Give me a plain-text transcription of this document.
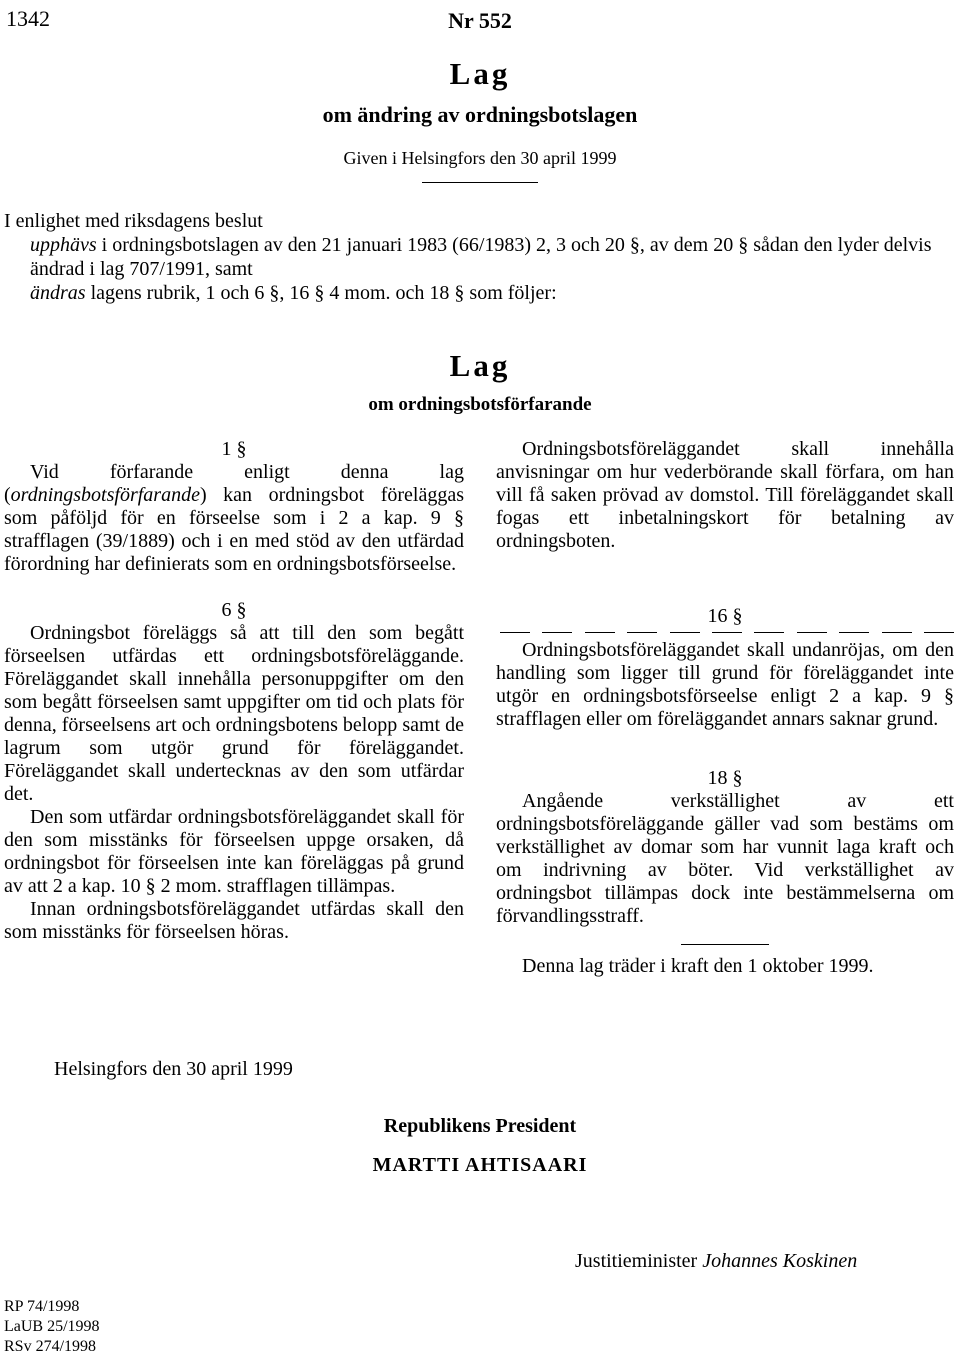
1342	Nr 552
Lag
om ändring av ordningsbotslagen
Given i Helsingfors den 30 april 1999

I enlighet med riksdagens beslut

upphävs i ordningsbotslagen av den 21 januari 1983 (66/1983) 2, 3 och 20 §, av dem 20 § sådan den lyder delvis ändrad i lag 707/1991, samt

ändras lagens rubrik, 1 och 6 §, 16 § 4 mom. och 18 § som följer:

Lag
om ordningsbotsförfarande

1 §

Vid förfarande enligt denna lag (ordningsbotsförfarande) kan ordningsbot föreläggas som påföljd för en förseelse som i 2 a kap. 9 § strafflagen (39/1889) och i en med stöd av den utfärdad förordning har definierats som en ordningsbotsförseelse.

6 §

Ordningsbot föreläggs så att till den som begått förseelsen utfärdas ett ordningsbotsföreläggande. Föreläggandet skall innehålla personuppgifter om den som begått förseelsen samt uppgifter om tid och plats för denna, förseelsens art och ordningsbotens belopp samt de lagrum som utgör grund för föreläggandet. Föreläggandet skall undertecknas av den som utfärdar det.

Den som utfärdar ordningsbotsföreläggandet skall för den som misstänks för förseelsen uppge orsaken, då ordningsbot för förseelsen inte kan föreläggas på grund av att 2 a kap. 10 § 2 mom. strafflagen tillämpas.

Innan ordningsbotsföreläggandet utfärdas skall den som misstänks för förseelsen höras.

Ordningsbotsföreläggandet skall innehålla anvisningar om hur vederbörande skall förfara, om han vill få saken prövad av domstol. Till föreläggandet skall fogas ett inbetalningskort för betalning av ordningsboten.

16 §

Ordningsbotsföreläggandet skall undanröjas, om den handling som ligger till grund för föreläggandet inte utgör en ordningsbotsförseelse enligt 2 a kap. 9 § strafflagen eller om föreläggandet annars saknar grund.

18 §

Angående verkställighet av ett ordningsbotsföreläggande gäller vad som bestäms om verkställighet av domar som har vunnit laga kraft och om indrivning av böter. Vid verkställighet av ordningsbot tillämpas dock inte bestämmelserna om förvandlingsstraff.

Denna lag träder i kraft den 1 oktober 1999.

Helsingfors den 30 april 1999
Republikens President
MARTTI AHTISAARI
Justitieminister Johannes Koskinen
RP 74/1998
LaUB 25/1998
RSv 274/1998
